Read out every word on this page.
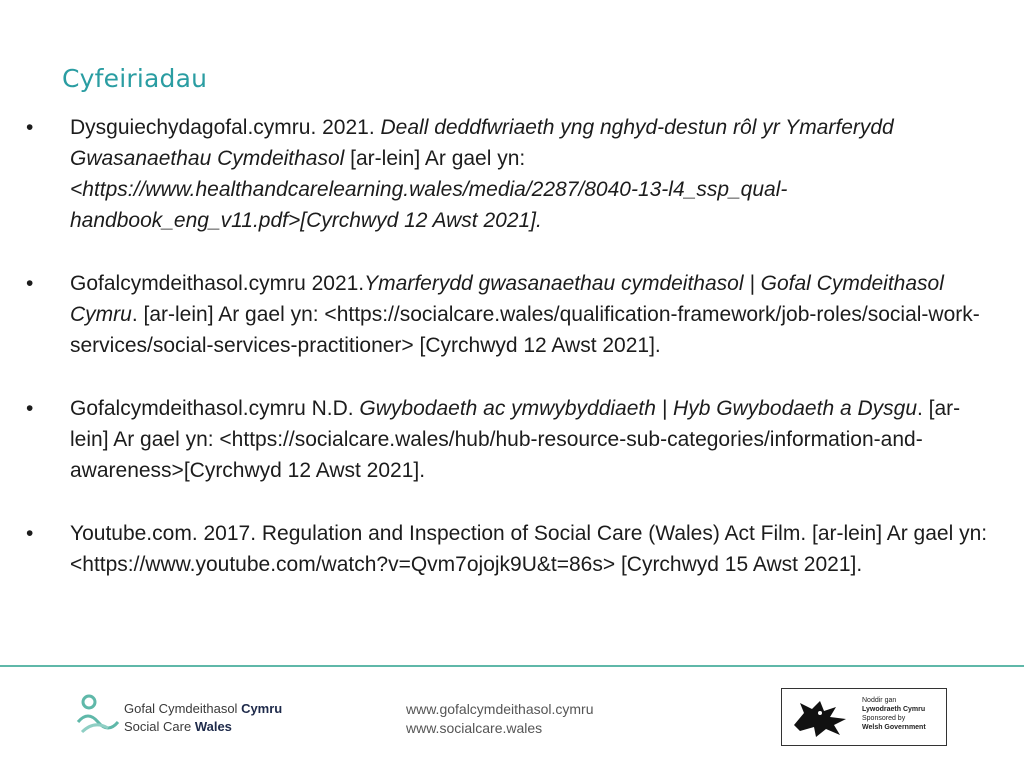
Cyfeiriadau
• Dysguiechydagofal.cymru. 2021. Deall deddfwriaeth yng nghyd-destun rôl yr Ymarferydd Gwasanaethau Cymdeithasol [ar-lein] Ar gael yn: <https://www.healthandcarelearning.wales/media/2287/8040-13-l4_ssp_qual-handbook_eng_v11.pdf>[Cyrchwyd 12 Awst 2021].
• Gofalcymdeithasol.cymru 2021.Ymarferydd gwasanaethau cymdeithasol | Gofal Cymdeithasol Cymru. [ar-lein] Ar gael yn: <https://socialcare.wales/qualification-framework/job-roles/social-work-services/social-services-practitioner> [Cyrchwyd 12 Awst 2021].
• Gofalcymdeithasol.cymru N.D. Gwybodaeth ac ymwybyddiaeth | Hyb Gwybodaeth a Dysgu. [ar-lein] Ar gael yn: <https://socialcare.wales/hub/hub-resource-sub-categories/information-and-awareness>[Cyrchwyd 12 Awst 2021].
• Youtube.com. 2017. Regulation and Inspection of Social Care (Wales) Act Film. [ar-lein] Ar gael yn: <https://www.youtube.com/watch?v=Qvm7ojojk9U&t=86s> [Cyrchwyd 15 Awst 2021].
Gofal Cymdeithasol Cymru
Social Care Wales
www.gofalcymdeithasol.cymru
www.socialcare.wales
Noddir gan
Lywodraeth Cymru
Sponsored by
Welsh Government
